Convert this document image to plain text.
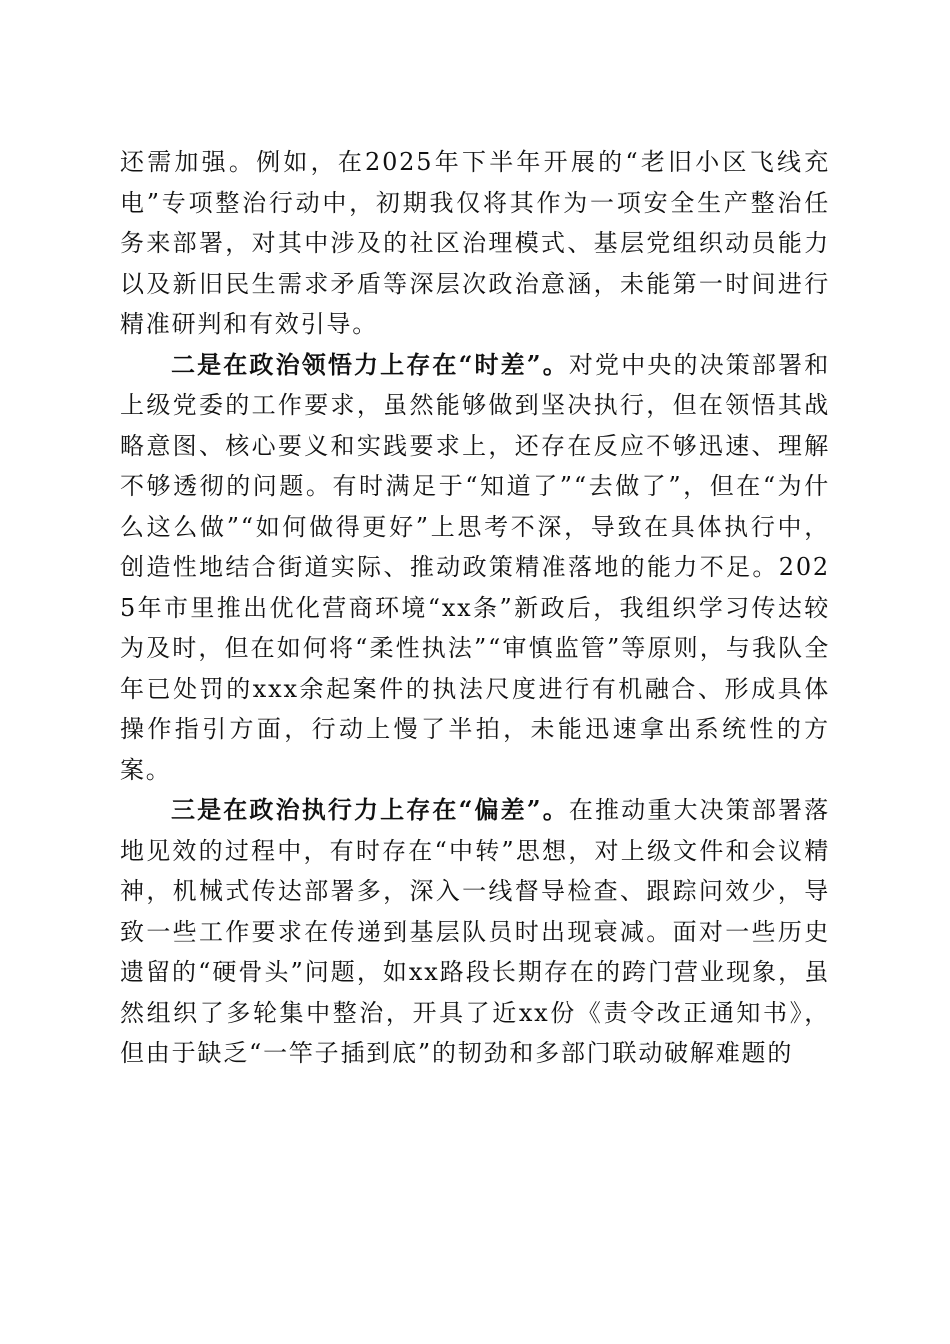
还需加强。例如，在2025年下半年开展的“老旧小区飞线充电”专项整治行动中，初期我仅将其作为一项安全生产整治任务来部署，对其中涉及的社区治理模式、基层党组织动员能力以及新旧民生需求矛盾等深层次政治意涵，未能第一时间进行精准研判和有效引导。

二是在政治领悟力上存在“时差”。对党中央的决策部署和上级党委的工作要求，虽然能够做到坚决执行，但在领悟其战略意图、核心要义和实践要求上，还存在反应不够迅速、理解不够透彻的问题。有时满足于“知道了”“去做了”，但在“为什么这么做”“如何做得更好”上思考不深，导致在具体执行中，创造性地结合街道实际、推动政策精准落地的能力不足。2025年市里推出优化营商环境“xx条”新政后，我组织学习传达较为及时，但在如何将“柔性执法”“审慎监管”等原则，与我队全年已处罚的xxx余起案件的执法尺度进行有机融合、形成具体操作指引方面，行动上慢了半拍，未能迅速拿出系统性的方案。

三是在政治执行力上存在“偏差”。在推动重大决策部署落地见效的过程中，有时存在“中转”思想，对上级文件和会议精神，机械式传达部署多，深入一线督导检查、跟踪问效少，导致一些工作要求在传递到基层队员时出现衰减。面对一些历史遗留的“硬骨头”问题，如xx路段长期存在的跨门营业现象，虽然组织了多轮集中整治，开具了近xx份《责令改正通知书》，但由于缺乏“一竿子插到底”的韧劲和多部门联动破解难题的
